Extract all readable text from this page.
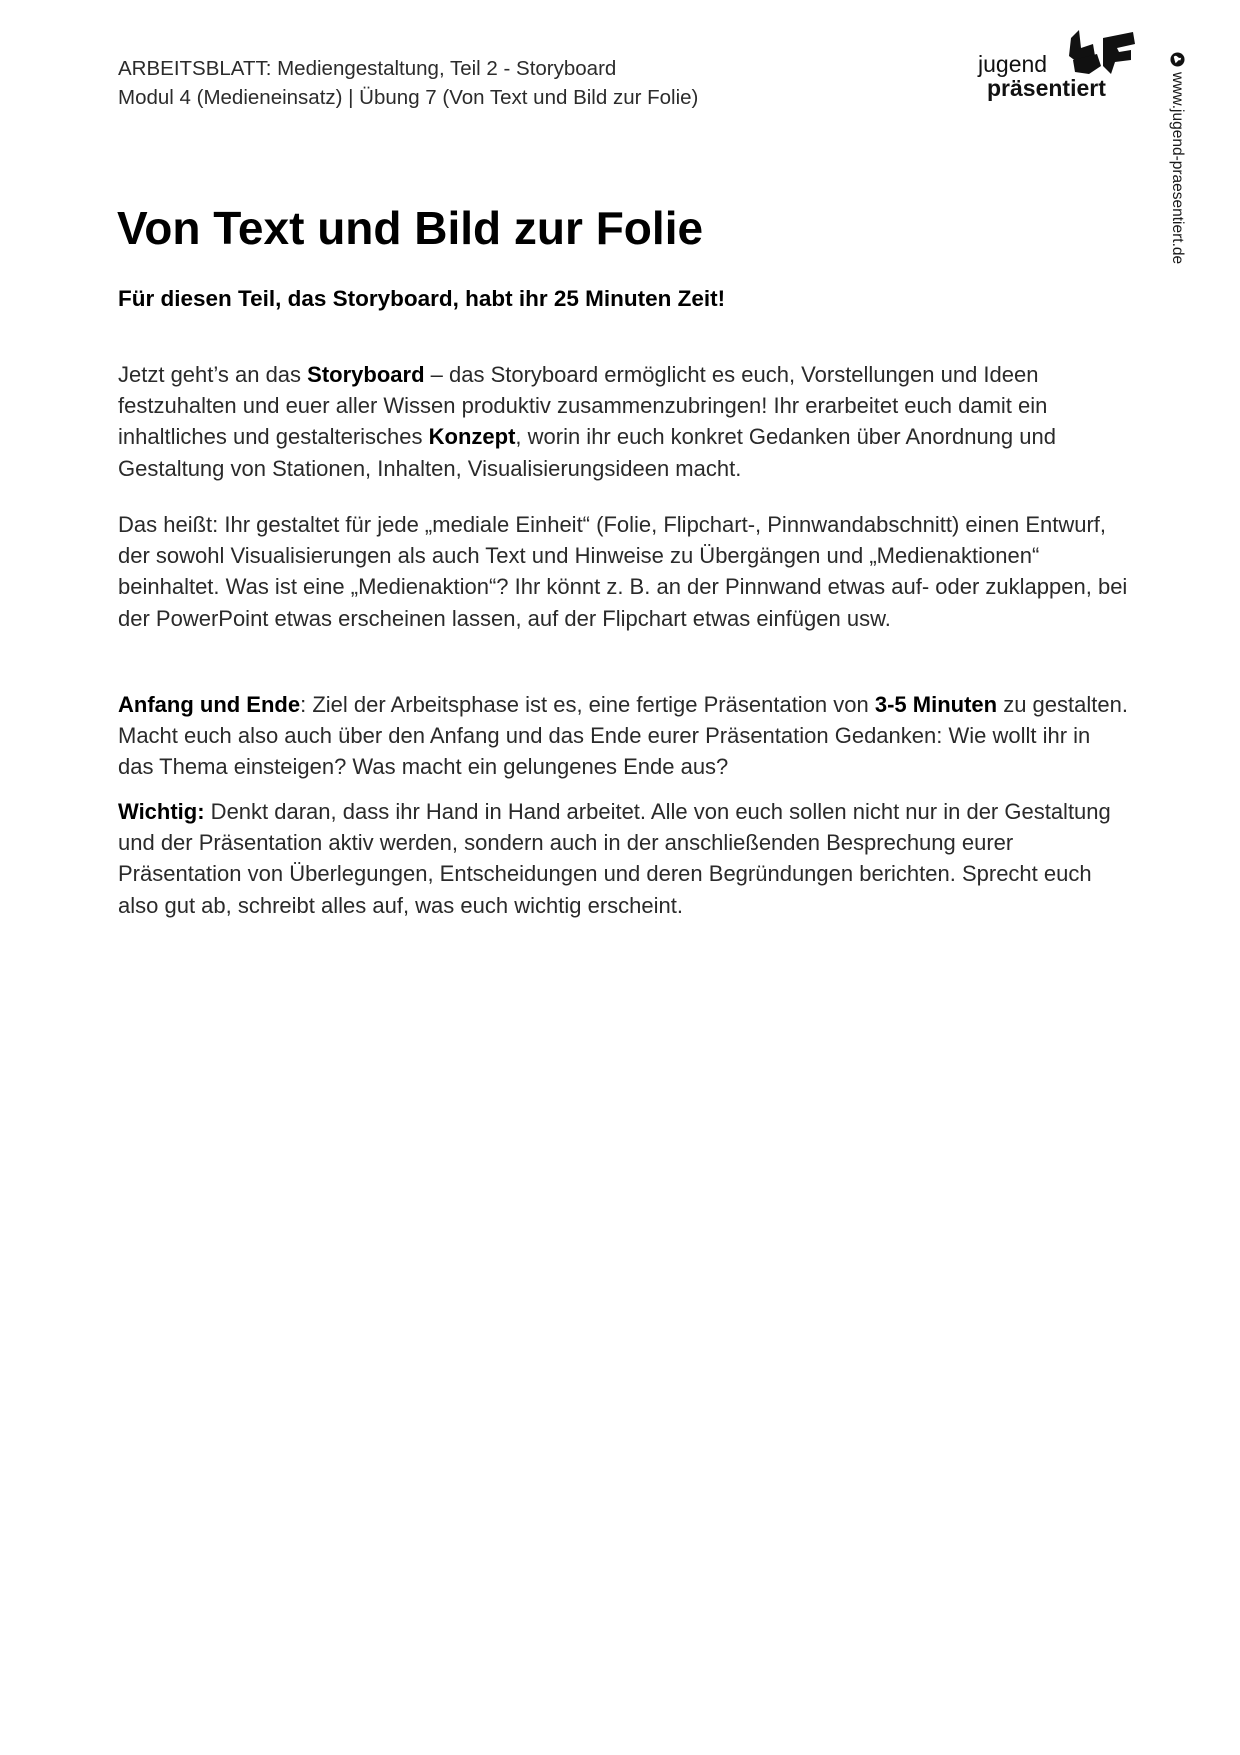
ARBEITSBLATT: Mediengestaltung, Teil 2 - Storyboard
Modul 4 (Medieneinsatz) | Übung 7 (Von Text und Bild zur Folie)
jugend
präsentiert	www.jugend-praesentiert.de
Von Text und Bild zur Folie

Für diesen Teil, das Storyboard, habt ihr 25 Minuten Zeit!

Jetzt geht’s an das Storyboard – das Storyboard ermöglicht es euch, Vorstellungen und Ideen festzuhalten und euer aller Wissen produktiv zusammenzubringen! Ihr erarbeitet euch damit ein inhaltliches und gestalterisches Konzept, worin ihr euch konkret Gedanken über Anordnung und Gestaltung von Stationen, Inhalten, Visualisierungsideen macht.

Das heißt: Ihr gestaltet für jede „mediale Einheit“ (Folie, Flipchart-, Pinnwandabschnitt) einen Entwurf, der sowohl Visualisierungen als auch Text und Hinweise zu Übergängen und „Medienaktionen“ beinhaltet. Was ist eine „Medienaktion“? Ihr könnt z. B. an der Pinnwand etwas auf- oder zuklappen, bei der PowerPoint etwas erscheinen lassen, auf der Flipchart etwas einfügen usw.

Anfang und Ende: Ziel der Arbeitsphase ist es, eine fertige Präsentation von 3-5 Minuten zu gestalten. Macht euch also auch über den Anfang und das Ende eurer Präsentation Gedanken: Wie wollt ihr in das Thema einsteigen? Was macht ein gelungenes Ende aus?

Wichtig: Denkt daran, dass ihr Hand in Hand arbeitet. Alle von euch sollen nicht nur in der Gestaltung und der Präsentation aktiv werden, sondern auch in der anschließenden Besprechung eurer Präsentation von Überlegungen, Entscheidungen und deren Begründungen berichten. Sprecht euch also gut ab, schreibt alles auf, was euch wichtig erscheint.
